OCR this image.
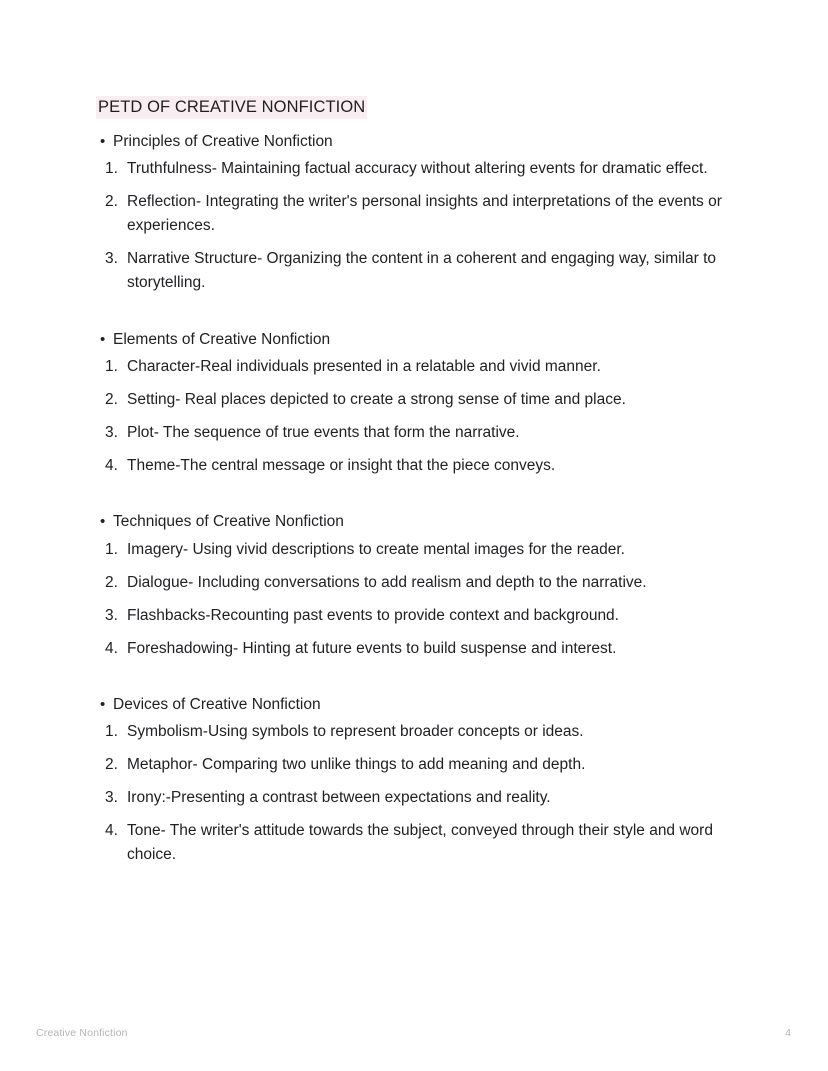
PETD OF CREATIVE NONFICTION
• Principles of Creative Nonfiction
1. Truthfulness- Maintaining factual accuracy without altering events for dramatic effect.
2. Reflection- Integrating the writer's personal insights and interpretations of the events or experiences.
3. Narrative Structure- Organizing the content in a coherent and engaging way, similar to storytelling.
• Elements of Creative Nonfiction
1. Character-Real individuals presented in a relatable and vivid manner.
2. Setting- Real places depicted to create a strong sense of time and place.
3. Plot- The sequence of true events that form the narrative.
4. Theme-The central message or insight that the piece conveys.
• Techniques of Creative Nonfiction
1. Imagery- Using vivid descriptions to create mental images for the reader.
2. Dialogue- Including conversations to add realism and depth to the narrative.
3. Flashbacks-Recounting past events to provide context and background.
4. Foreshadowing- Hinting at future events to build suspense and interest.
• Devices of Creative Nonfiction
1. Symbolism-Using symbols to represent broader concepts or ideas.
2. Metaphor- Comparing two unlike things to add meaning and depth.
3. Irony:-Presenting a contrast between expectations and reality.
4. Tone- The writer's attitude towards the subject, conveyed through their style and word choice.
Creative Nonfiction	4
